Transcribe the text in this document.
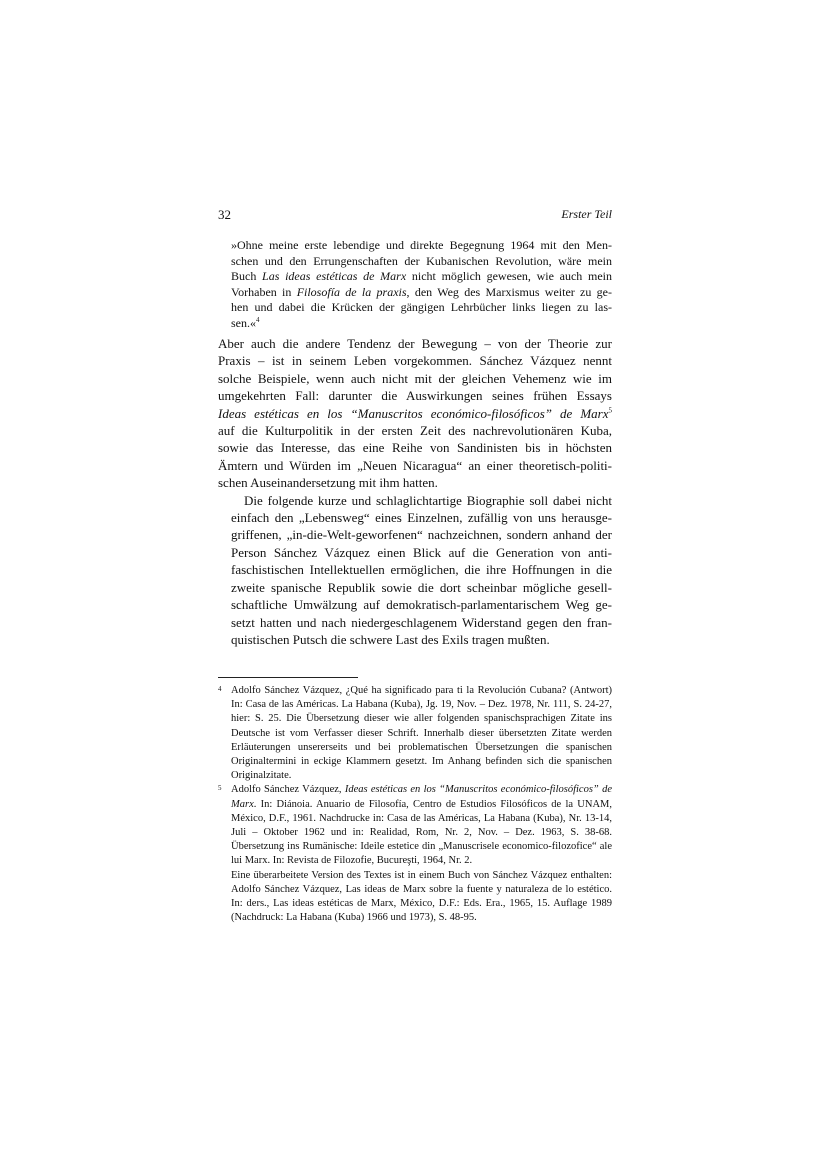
32	Erster Teil
»Ohne meine erste lebendige und direkte Begegnung 1964 mit den Men-
schen und den Errungenschaften der Kubanischen Revolution, wäre mein
Buch Las ideas estéticas de Marx nicht möglich gewesen, wie auch mein
Vorhaben in Filosofía de la praxis, den Weg des Marxismus weiter zu ge-
hen und dabei die Krücken der gängigen Lehrbücher links liegen zu las-
sen.«$^4$

Aber auch die andere Tendenz der Bewegung – von der Theorie zur
Praxis – ist in seinem Leben vorgekommen. Sánchez Vázquez nennt
solche Beispiele, wenn auch nicht mit der gleichen Vehemenz wie im
umgekehrten Fall: darunter die Auswirkungen seines frühen Essays
Ideas estéticas en los “Manuscritos económico-filosóficos” de Marx$^5$
auf die Kulturpolitik in der ersten Zeit des nachrevolutionären Kuba,
sowie das Interesse, das eine Reihe von Sandinisten bis in höchsten
Ämtern und Würden im „Neuen Nicaragua“ an einer theoretisch-politi-
schen Auseinandersetzung mit ihm hatten.

Die folgende kurze und schlaglichtartige Biographie soll dabei nicht
einfach den „Lebensweg“ eines Einzelnen, zufällig von uns herausge-
griffenen, „in-die-Welt-geworfenen“ nachzeichnen, sondern anhand der
Person Sánchez Vázquez einen Blick auf die Generation von anti-
faschistischen Intellektuellen ermöglichen, die ihre Hoffnungen in die
zweite spanische Republik sowie die dort scheinbar mögliche gesell-
schaftliche Umwälzung auf demokratisch-parlamentarischem Weg ge-
setzt hatten und nach niedergeschlagenem Widerstand gegen den fran-
quistischen Putsch die schwere Last des Exils tragen mußten.

4 Adolfo Sánchez Vázquez, ¿Qué ha significado para ti la Revolución Cubana? (Antwort) In: Casa de las Américas. La Habana (Kuba), Jg. 19, Nov. – Dez. 1978, Nr. 111, S. 24-27, hier: S. 25. Die Übersetzung dieser wie aller folgenden spanischsprachigen Zitate ins Deutsche ist vom Verfasser dieser Schrift. Innerhalb dieser übersetzten Zitate werden Erläuterungen unsererseits und bei problematischen Übersetzungen die spanischen Originaltermini in eckige Klammern gesetzt. Im Anhang befinden sich die spanischen Originalzitate.

5 Adolfo Sánchez Vázquez, Ideas estéticas en los “Manuscritos económico-filosóficos” de Marx. In: Diánoia. Anuario de Filosofía, Centro de Estudios Filosóficos de la UNAM, México, D.F., 1961. Nachdrucke in: Casa de las Américas, La Habana (Kuba), Nr. 13-14, Juli – Oktober 1962 und in: Realidad, Rom, Nr. 2, Nov. – Dez. 1963, S. 38-68. Übersetzung ins Rumänische: Ideile estetice din „Manuscrisele economico-filozofice“ ale lui Marx. In: Revista de Filozofie, Bucureşti, 1964, Nr. 2.

Eine überarbeitete Version des Textes ist in einem Buch von Sánchez Vázquez enthalten: Adolfo Sánchez Vázquez, Las ideas de Marx sobre la fuente y naturaleza de lo estético. In: ders., Las ideas estéticas de Marx, México, D.F.: Eds. Era., 1965, 15. Auflage 1989 (Nachdruck: La Habana (Kuba) 1966 und 1973), S. 48-95.
